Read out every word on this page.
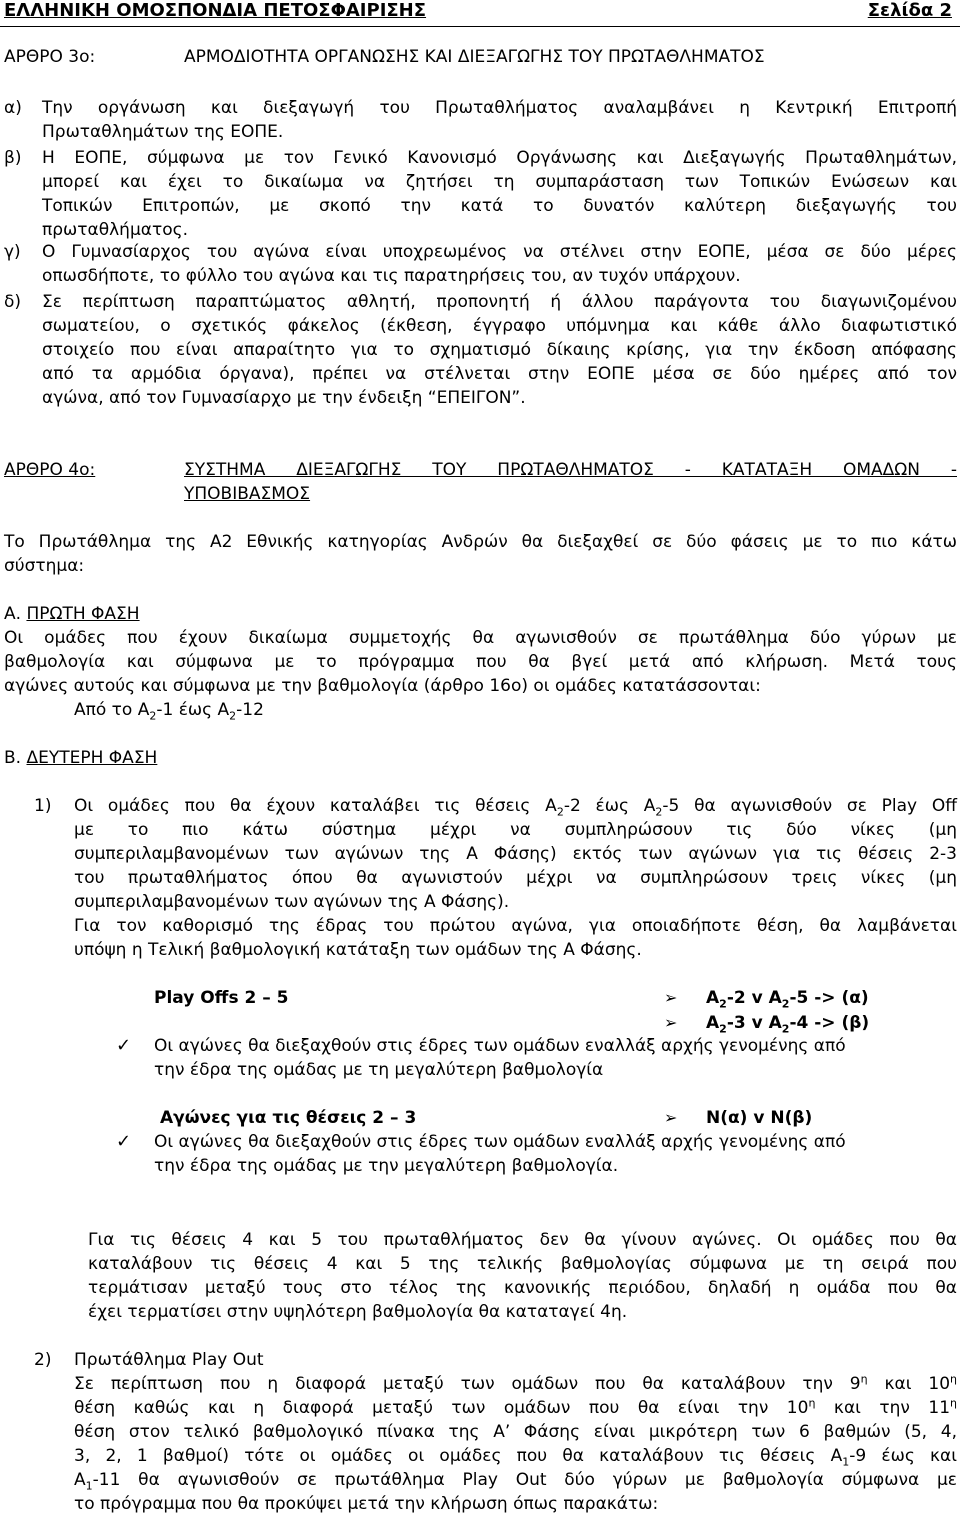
ΕΛΛΗΝΙΚΗ ΟΜΟΣΠΟΝΔΙΑ ΠΕΤΟΣΦΑΙΡΙΣΗΣ	Σελίδα 2
ΑΡΘΡΟ 3ο:	ΑΡΜΟΔΙΟΤΗΤΑ ΟΡΓΑΝΩΣΗΣ ΚΑΙ ΔΙΕΞΑΓΩΓΗΣ ΤΟΥ ΠΡΩΤΑΘΛΗΜΑΤΟΣ
α) Την οργάνωση και διεξαγωγή του Πρωταθλήματος αναλαμβάνει η Κεντρική Επιτροπή
Πρωταθλημάτων της ΕΟΠΕ.
β) Η ΕΟΠΕ, σύμφωνα με τον Γενικό Κανονισμό Οργάνωσης και Διεξαγωγής Πρωταθλημάτων,
μπορεί και έχει το δικαίωμα να ζητήσει τη συμπαράσταση των Τοπικών Ενώσεων και
Τοπικών Επιτροπών, με σκοπό την κατά το δυνατόν καλύτερη διεξαγωγής του
πρωταθλήματος.
γ) Ο Γυμνασίαρχος του αγώνα είναι υποχρεωμένος να στέλνει στην ΕΟΠΕ, μέσα σε δύο μέρες
οπωσδήποτε, το φύλλο του αγώνα και τις παρατηρήσεις του, αν τυχόν υπάρχουν.
δ) Σε περίπτωση παραπτώματος αθλητή, προπονητή ή άλλου παράγοντα του διαγωνιζομένου
σωματείου, ο σχετικός φάκελος (έκθεση, έγγραφο υπόμνημα και κάθε άλλο διαφωτιστικό
στοιχείο που είναι απαραίτητο για το σχηματισμό δίκαιης κρίσης, για την έκδοση απόφασης
από τα αρμόδια όργανα), πρέπει να στέλνεται στην ΕΟΠΕ μέσα σε δύο ημέρες από τον
αγώνα, από τον Γυμνασίαρχο με την ένδειξη “ΕΠΕΙΓΟΝ”.
ΑΡΘΡΟ 4ο:	ΣΥΣΤΗΜΑ ΔΙΕΞΑΓΩΓΗΣ ΤΟΥ ΠΡΩΤΑΘΛΗΜΑΤΟΣ - ΚΑΤΑΤΑΞΗ ΟΜΑΔΩΝ -
ΥΠΟΒΙΒΑΣΜΟΣ
Το Πρωτάθλημα της Α2 Εθνικής κατηγορίας Ανδρών θα διεξαχθεί σε δύο φάσεις με το πιο κάτω
σύστημα:
Α. ΠΡΩΤΗ ΦΑΣΗ
Οι ομάδες που έχουν δικαίωμα συμμετοχής θα αγωνισθούν σε πρωτάθλημα δύο γύρων με
βαθμολογία και σύμφωνα με το πρόγραμμα που θα βγεί μετά από κλήρωση. Μετά τους
αγώνες αυτούς και σύμφωνα με την βαθμολογία (άρθρο 16ο) οι ομάδες κατατάσσονται:
Από το $A_2-1$ έως $A_2-12$
Β. ΔΕΥΤΕΡΗ ΦΑΣΗ
1) Οι ομάδες που θα έχουν καταλάβει τις θέσεις $A_2-2$ έως $A_2-5$ θα αγωνισθούν σε Play Off
με το πιο κάτω σύστημα μέχρι να συμπληρώσουν τις δύο νίκες (μη
συμπεριλαμβανομένων των αγώνων της Α Φάσης) εκτός των αγώνων για τις θέσεις 2-3
του πρωταθλήματος όπου θα αγωνιστούν μέχρι να συμπληρώσουν τρεις νίκες (μη
συμπεριλαμβανομένων των αγώνων της Α Φάσης).
Για τον καθορισμό της έδρας του πρώτου αγώνα, για οποιαδήποτε θέση, θα λαμβάνεται
υπόψη η Τελική βαθμολογική κατάταξη των ομάδων της Α Φάσης.
Play Offs 2 – 5	➢ $A_2-2$ v $A_2-5 -> (\alpha)$
➢ $A_2-3$ v $A_2-4 -> (\beta)$
✓ Οι αγώνες θα διεξαχθούν στις έδρες των ομάδων εναλλάξ αρχής γενομένης από
την έδρα της ομάδας με τη μεγαλύτερη βαθμολογία
Αγώνες για τις θέσεις 2 – 3	➢ Ν(α) v Ν(β)
✓ Οι αγώνες θα διεξαχθούν στις έδρες των ομάδων εναλλάξ αρχής γενομένης από
την έδρα της ομάδας με την μεγαλύτερη βαθμολογία.
Για τις θέσεις 4 και 5 του πρωταθλήματος δεν θα γίνουν αγώνες. Οι ομάδες που θα
καταλάβουν τις θέσεις 4 και 5 της τελικής βαθμολογίας σύμφωνα με τη σειρά που
τερμάτισαν μεταξύ τους στο τέλος της κανονικής περιόδου, δηλαδή η ομάδα που θα
έχει τερματίσει στην υψηλότερη βαθμολογία θα καταταγεί 4η.
2) Πρωτάθλημα Play Out
Σε περίπτωση που η διαφορά μεταξύ των ομάδων που θα καταλάβουν την $9^\eta$ και $10^\eta$
θέση καθώς και η διαφορά μεταξύ των ομάδων που θα είναι την $10^\eta$ και την $11^\eta$
θέση στον τελικό βαθμολογικό πίνακα της Α’ Φάσης είναι μικρότερη των 6 βαθμών (5, 4,
3, 2, 1 βαθμοί) τότε οι ομάδες οι ομάδες που θα καταλάβουν τις θέσεις $A_1-9$ έως και
$A_1-11$ θα αγωνισθούν σε πρωτάθλημα Play Out δύο γύρων με βαθμολογία σύμφωνα με
το πρόγραμμα που θα προκύψει μετά την κλήρωση όπως παρακάτω:
